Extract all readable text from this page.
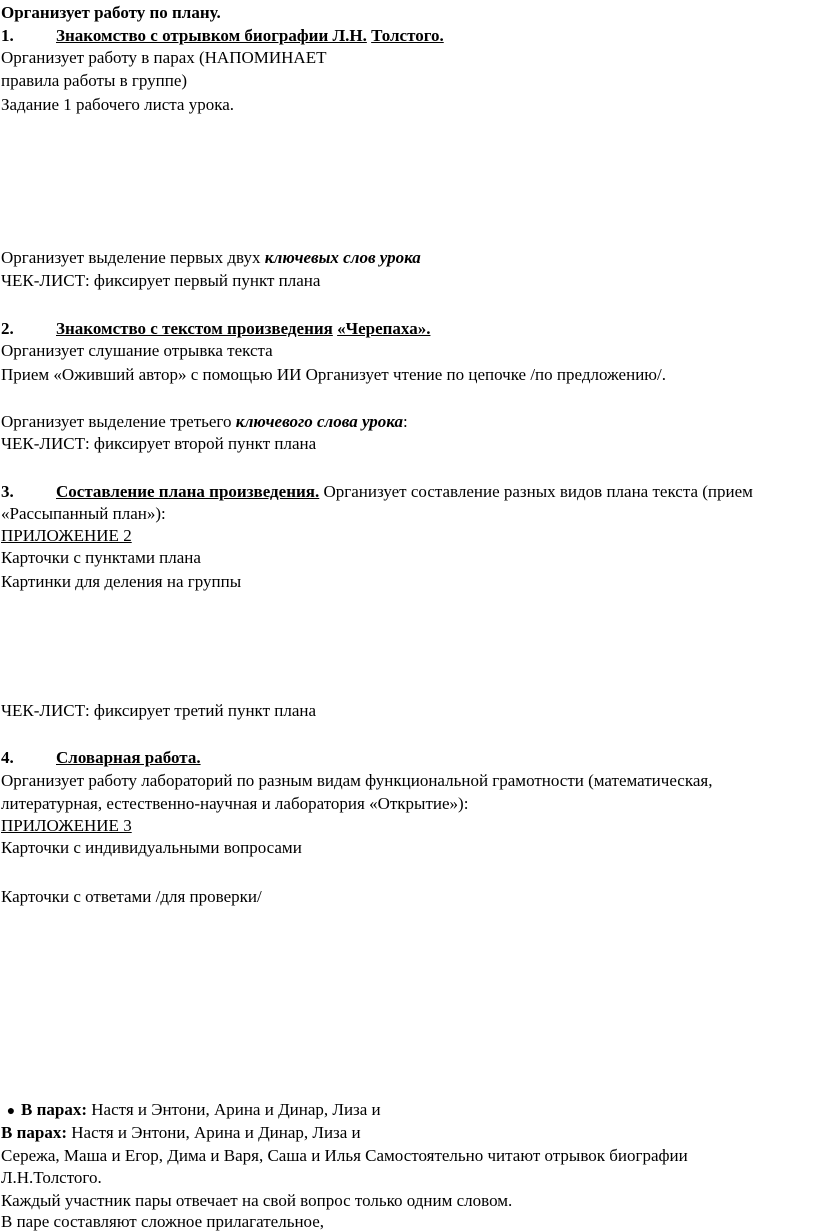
Организует работу по плану.
1. Знакомство с отрывком биографии Л.Н. Толстого.
Организует работу в парах (НАПОМИНАЕТ
правила работы в группе)
Задание 1 рабочего листа урока.
Организует выделение первых двух ключевых слов урока
ЧЕК-ЛИСТ: фиксирует первый пункт плана
2. Знакомство с текстом произведения «Черепаха».
Организует слушание отрывка текста
Прием «Оживший автор» с помощью ИИ Организует чтение по цепочке /по предложению/.
Организует выделение третьего ключевого слова урока:
ЧЕК-ЛИСТ: фиксирует второй пункт плана
3. Составление плана произведения. Организует составление разных видов плана текста (прием
«Рассыпанный план»):
ПРИЛОЖЕНИЕ 2
Карточки с пунктами плана
Картинки для деления на группы
ЧЕК-ЛИСТ: фиксирует третий пункт плана
4. Словарная работа.
Организует работу лабораторий по разным видам функциональной грамотности (математическая,
литературная, естественно-научная и лаборатория «Открытие»):
ПРИЛОЖЕНИЕ 3
Карточки с индивидуальными вопросами
Карточки с ответами /для проверки/
● В парах: Настя и Энтони, Арина и Динар, Лиза и
В парах: Настя и Энтони, Арина и Динар, Лиза и
Сережа, Маша и Егор, Дима и Варя, Саша и Илья Самостоятельно читают отрывок биографии
Л.Н.Толстого.
Каждый участник пары отвечает на свой вопрос только одним словом.
В паре составляют сложное прилагательное,
